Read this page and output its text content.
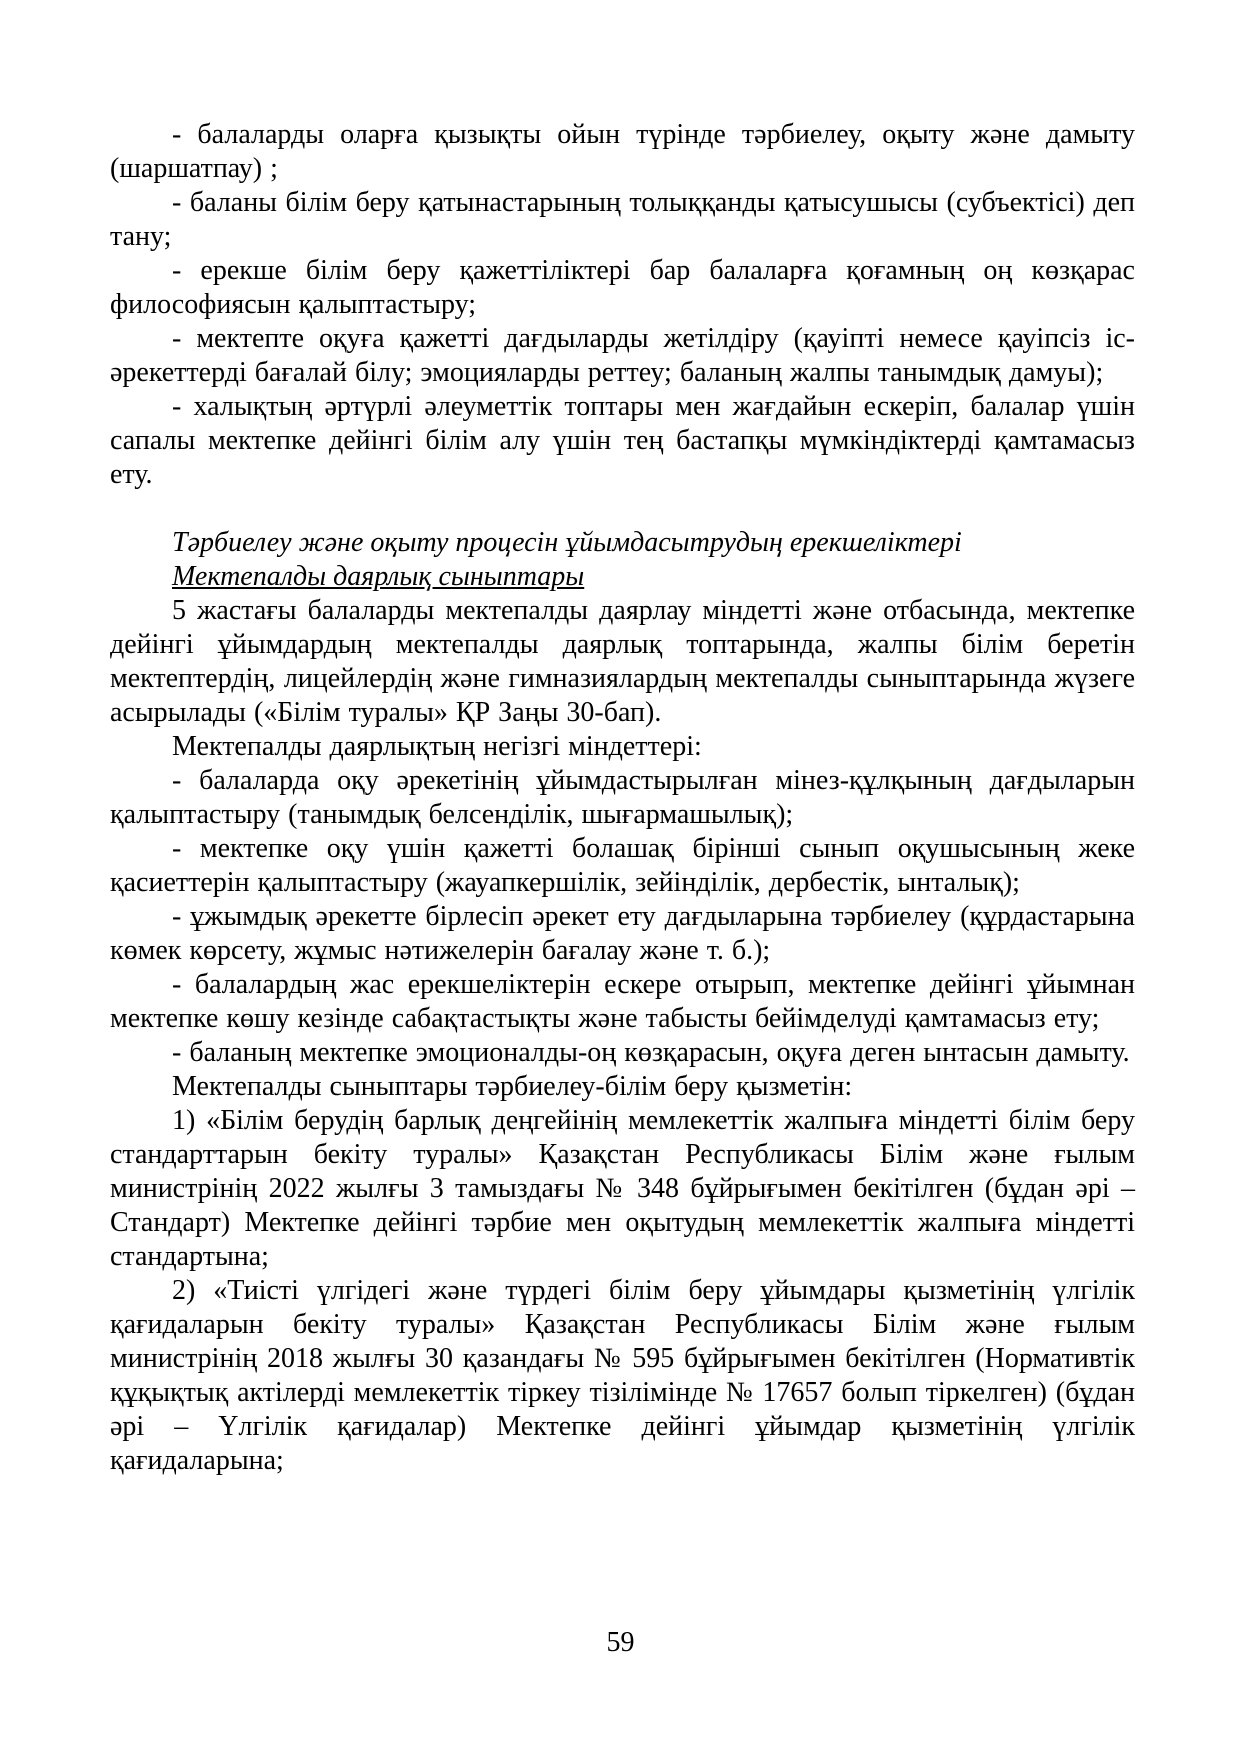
- балаларды оларға қызықты ойын түрінде тәрбиелеу, оқыту және дамыту (шаршатпау) ;

- баланы білім беру қатынастарының толыққанды қатысушысы (субъектісі) деп тану;

- ерекше білім беру қажеттіліктері бар балаларға қоғамның оң көзқарас философиясын қалыптастыру;

- мектепте оқуға қажетті дағдыларды жетілдіру (қауіпті немесе қауіпсіз іс-әрекеттерді бағалай білу; эмоцияларды реттеу; баланың жалпы танымдық дамуы);

- халықтың әртүрлі әлеуметтік топтары мен жағдайын ескеріп, балалар үшін сапалы мектепке дейінгі білім алу үшін тең бастапқы мүмкіндіктерді қамтамасыз ету.

Тәрбиелеу және оқыту процесін ұйымдасытрудың ерекшеліктері

Мектепалды даярлық сыныптары

5 жастағы балаларды мектепалды даярлау міндетті және отбасында, мектепке дейінгі ұйымдардың мектепалды даярлық топтарында, жалпы білім беретін мектептердің, лицейлердің және гимназиялардың мектепалды сыныптарында жүзеге асырылады («Білім туралы» ҚР Заңы 30-бап).

Мектепалды даярлықтың негізгі міндеттері:

- балаларда оқу әрекетінің ұйымдастырылған мінез-құлқының дағдыларын қалыптастыру (танымдық белсенділік, шығармашылық);

- мектепке оқу үшін қажетті болашақ бірінші сынып оқушысының жеке қасиеттерін қалыптастыру (жауапкершілік, зейінділік, дербестік, ынталық);

- ұжымдық әрекетте бірлесіп әрекет ету дағдыларына тәрбиелеу (құрдастарына көмек көрсету, жұмыс нәтижелерін бағалау және т. б.);

- балалардың жас ерекшеліктерін ескере отырып, мектепке дейінгі ұйымнан мектепке көшу кезінде сабақтастықты және табысты бейімделуді қамтамасыз ету;

- баланың мектепке эмоционалды-оң көзқарасын, оқуға деген ынтасын дамыту.

Мектепалды сыныптары тәрбиелеу-білім беру қызметін:

1) «Білім берудің барлық деңгейінің мемлекеттік жалпыға міндетті білім беру стандарттарын бекіту туралы» Қазақстан Республикасы Білім және ғылым министрінің 2022 жылғы 3 тамыздағы № 348 бұйрығымен бекітілген (бұдан әрі – Стандарт) Мектепке дейінгі тәрбие мен оқытудың мемлекеттік жалпыға міндетті стандартына;

2) «Тиісті үлгідегі және түрдегі білім беру ұйымдары қызметінің үлгілік қағидаларын бекіту туралы» Қазақстан Республикасы Білім және ғылым министрінің 2018 жылғы 30 қазандағы № 595 бұйрығымен бекітілген (Нормативтік құқықтық актілерді мемлекеттік тіркеу тізілімінде № 17657 болып тіркелген) (бұдан әрі – Үлгілік қағидалар) Мектепке дейінгі ұйымдар қызметінің үлгілік қағидаларына;

59
